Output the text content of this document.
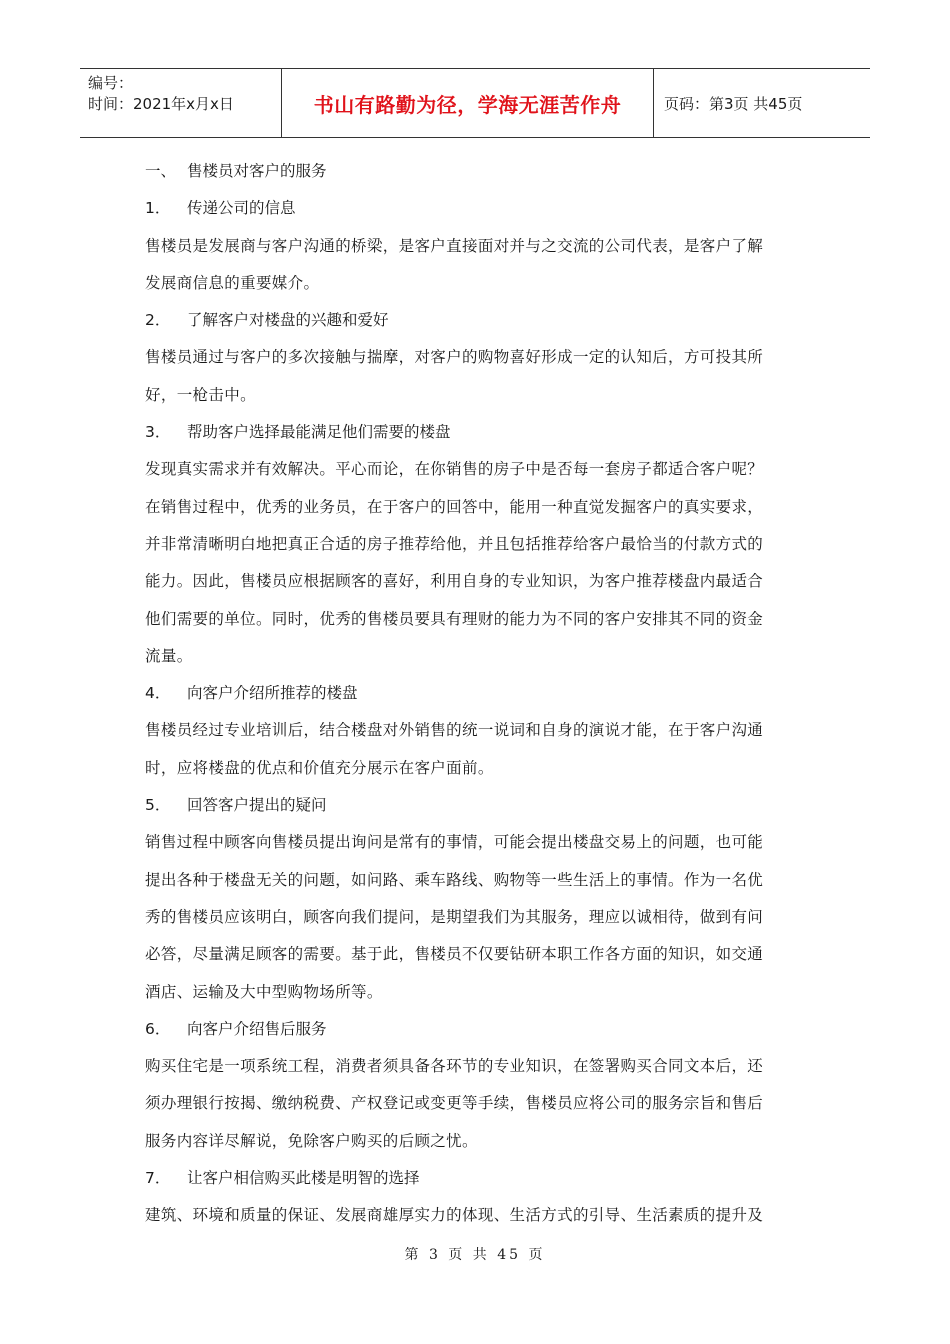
编号：
时间：2021年x月x日	书山有路勤为径，学海无涯苦作舟	页码：第3页 共45页
一、 售楼员对客户的服务
1． 传递公司的信息
售楼员是发展商与客户沟通的桥梁，是客户直接面对并与之交流的公司代表，是客户了解
发展商信息的重要媒介。
2． 了解客户对楼盘的兴趣和爱好
售楼员通过与客户的多次接触与揣摩，对客户的购物喜好形成一定的认知后，方可投其所
好，一枪击中。
3． 帮助客户选择最能满足他们需要的楼盘
发现真实需求并有效解决。平心而论，在你销售的房子中是否每一套房子都适合客户呢？
在销售过程中，优秀的业务员，在于客户的回答中，能用一种直觉发掘客户的真实要求，
并非常清晰明白地把真正合适的房子推荐给他，并且包括推荐给客户最恰当的付款方式的
能力。因此，售楼员应根据顾客的喜好，利用自身的专业知识，为客户推荐楼盘内最适合
他们需要的单位。同时，优秀的售楼员要具有理财的能力为不同的客户安排其不同的资金
流量。
4． 向客户介绍所推荐的楼盘
售楼员经过专业培训后，结合楼盘对外销售的统一说词和自身的演说才能，在于客户沟通
时，应将楼盘的优点和价值充分展示在客户面前。
5． 回答客户提出的疑问
销售过程中顾客向售楼员提出询问是常有的事情，可能会提出楼盘交易上的问题，也可能
提出各种于楼盘无关的问题，如问路、乘车路线、购物等一些生活上的事情。作为一名优
秀的售楼员应该明白，顾客向我们提问，是期望我们为其服务，理应以诚相待，做到有问
必答，尽量满足顾客的需要。基于此，售楼员不仅要钻研本职工作各方面的知识，如交通
酒店、运输及大中型购物场所等。
6． 向客户介绍售后服务
购买住宅是一项系统工程，消费者须具备各环节的专业知识，在签署购买合同文本后，还
须办理银行按揭、缴纳税费、产权登记或变更等手续，售楼员应将公司的服务宗旨和售后
服务内容详尽解说，免除客户购买的后顾之忧。
7． 让客户相信购买此楼是明智的选择
建筑、环境和质量的保证、发展商雄厚实力的体现、生活方式的引导、生活素质的提升及
第 3 页 共 45 页
